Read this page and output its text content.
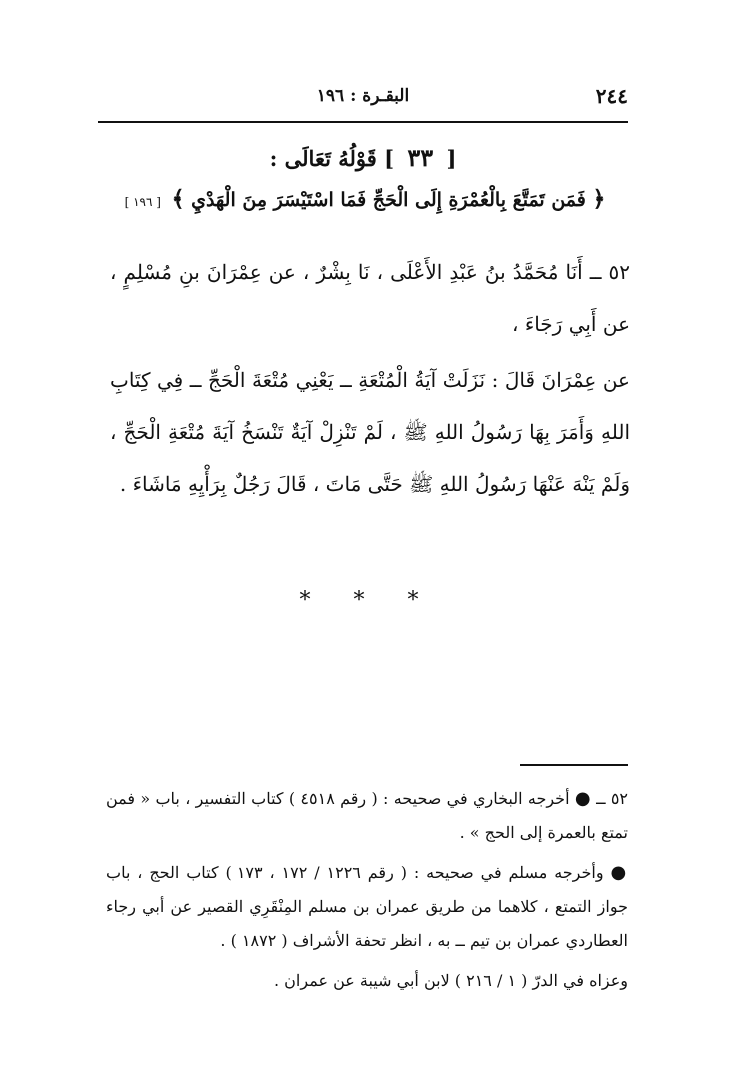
٢٤٤
البقـرة : ١٩٦
[ ٣٣ ] قَوْلُهُ تَعَالَى :
﴿ فَمَن تَمَتَّعَ بِالْعُمْرَةِ إِلَى الْحَجِّ فَمَا اسْتَيْسَرَ مِنَ الْهَدْيِ ﴾ [ ١٩٦ ]

٥٢ ــ أَنَا مُحَمَّدُ بنُ عَبْدِ الأَعْلَى ، نَا بِشْرٌ ، عن عِمْرَانَ بنِ مُسْلِمٍ ، عن أَبِي رَجَاءَ ،

عن عِمْرَانَ قَالَ : نَزَلَتْ آيَةُ الْمُتْعَةِ ــ يَعْنِي مُتْعَةَ الْحَجِّ ــ فِي كِتَابِ اللهِ وَأَمَرَ بِهَا رَسُولُ اللهِ ﷺ ، لَمْ تَنْزِلْ آيَةٌ تَنْسَخُ آيَةَ مُتْعَةِ الْحَجِّ ، وَلَمْ يَنْهَ عَنْهَا رَسُولُ اللهِ ﷺ حَتَّى مَاتَ ، قَالَ رَجُلٌ بِرَأْيِهِ مَاشَاءَ .

* * *

٥٢ ــ ● أخرجه البخاري في صحيحه : ( رقم ٤٥١٨ ) كتاب التفسير ، باب « فمن تمتع بالعمرة إلى الحج » .

● وأخرجه مسلم في صحيحه : ( رقم ١٢٢٦ / ١٧٢ ، ١٧٣ ) كتاب الحج ، باب جواز التمتع ، كلاهما من طريق عمران بن مسلم المِنْقَرِي القصير عن أبي رجاء العطاردي عمران بن تيم ــ به ، انظر تحفة الأشراف ( ١٨٧٢ ) .

وعزاه في الدرّ ( ١ / ٢١٦ ) لابن أبي شيبة عن عمران .
